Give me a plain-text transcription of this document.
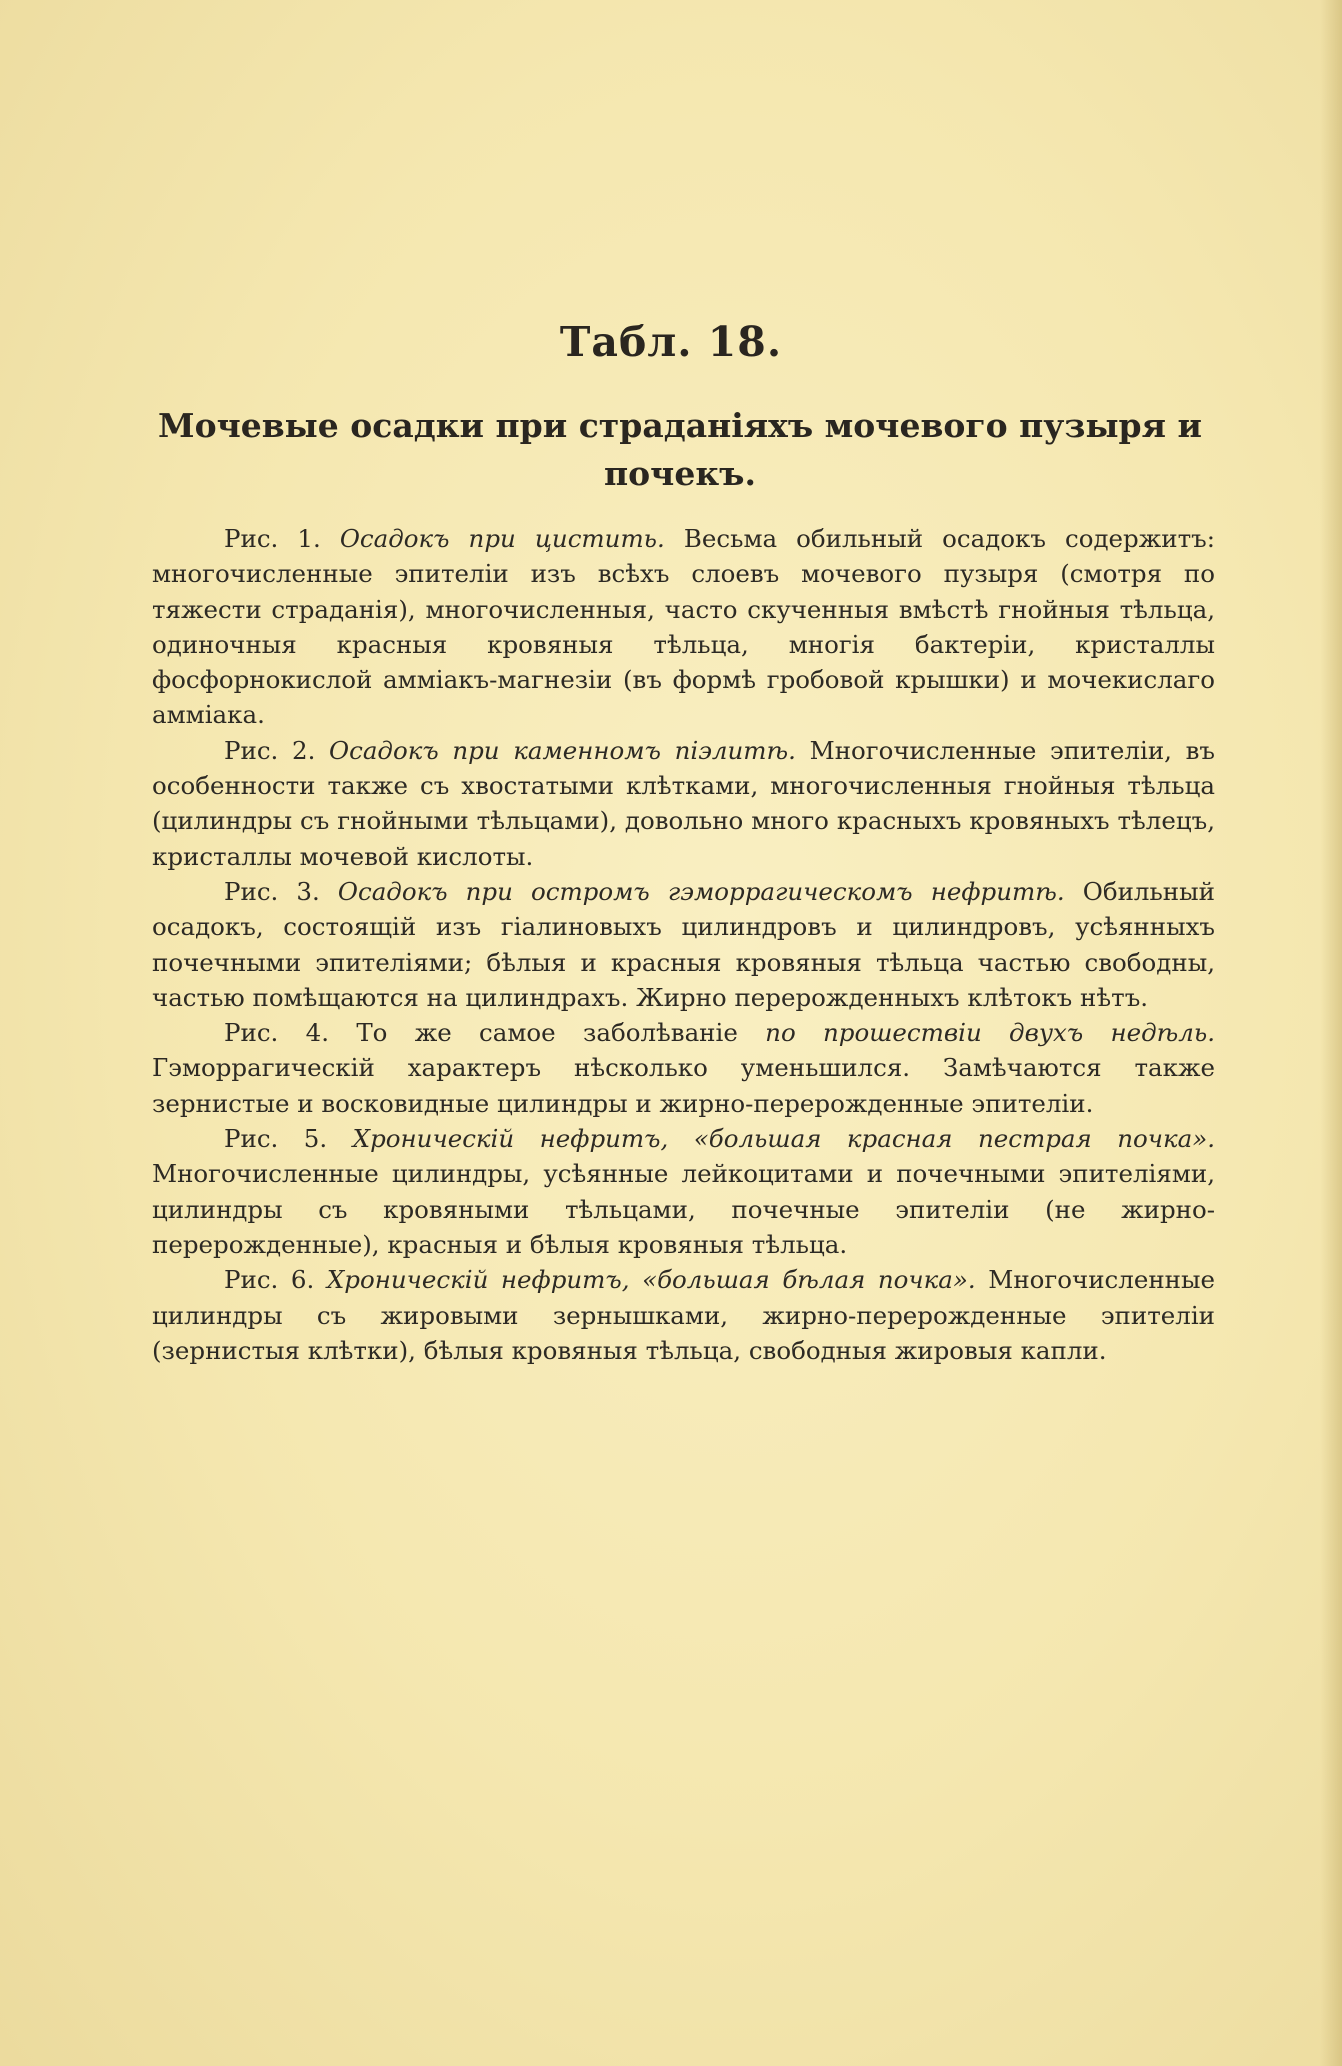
Табл. 18.
Мочевые осадки при страданіяхъ мочевого пузыря и почекъ.

Рис. 1. Осадокъ при цистить. Весьма обильный осадокъ содержитъ: многочисленные эпителіи изъ всѣхъ слоевъ мочевого пузыря (смотря по тяжести страданія), многочисленныя, часто скученныя вмѣстѣ гнойныя тѣльца, одиночныя красныя кровяныя тѣльца, многія бактеріи, кристаллы фосфорнокислой амміакъ-магнезіи (въ формѣ гробовой крышки) и мочекислаго амміака.

Рис. 2. Осадокъ при каменномъ піэлитѣ. Многочисленные эпителіи, въ особенности также съ хвостатыми клѣтками, многочисленныя гнойныя тѣльца (цилиндры съ гнойными тѣльцами), довольно много красныхъ кровяныхъ тѣлецъ, кристаллы мочевой кислоты.

Рис. 3. Осадокъ при остромъ гэморрагическомъ нефритѣ. Обильный осадокъ, состоящій изъ гіалиновыхъ цилиндровъ и цилиндровъ, усѣянныхъ почечными эпителіями; бѣлыя и красныя кровяныя тѣльца частью свободны, частью помѣщаются на цилиндрахъ. Жирно перерожденныхъ клѣтокъ нѣтъ.

Рис. 4. То же самое заболѣваніе по прошествіи двухъ недѣль. Гэморрагическій характеръ нѣсколько уменьшился. Замѣчаются также зернистые и восковидные цилиндры и жирно-перерожденные эпителіи.

Рис. 5. Хроническій нефритъ, «большая красная пестрая почка». Многочисленные цилиндры, усѣянные лейкоцитами и почечными эпителіями, цилиндры съ кровяными тѣльцами, почечные эпителіи (не жирно-перерожденные), красныя и бѣлыя кровяныя тѣльца.

Рис. 6. Хроническій нефритъ, «большая бѣлая почка». Многочисленные цилиндры съ жировыми зернышками, жирно-перерожденные эпителіи (зернистыя клѣтки), бѣлыя кровяныя тѣльца, свободныя жировыя капли.
